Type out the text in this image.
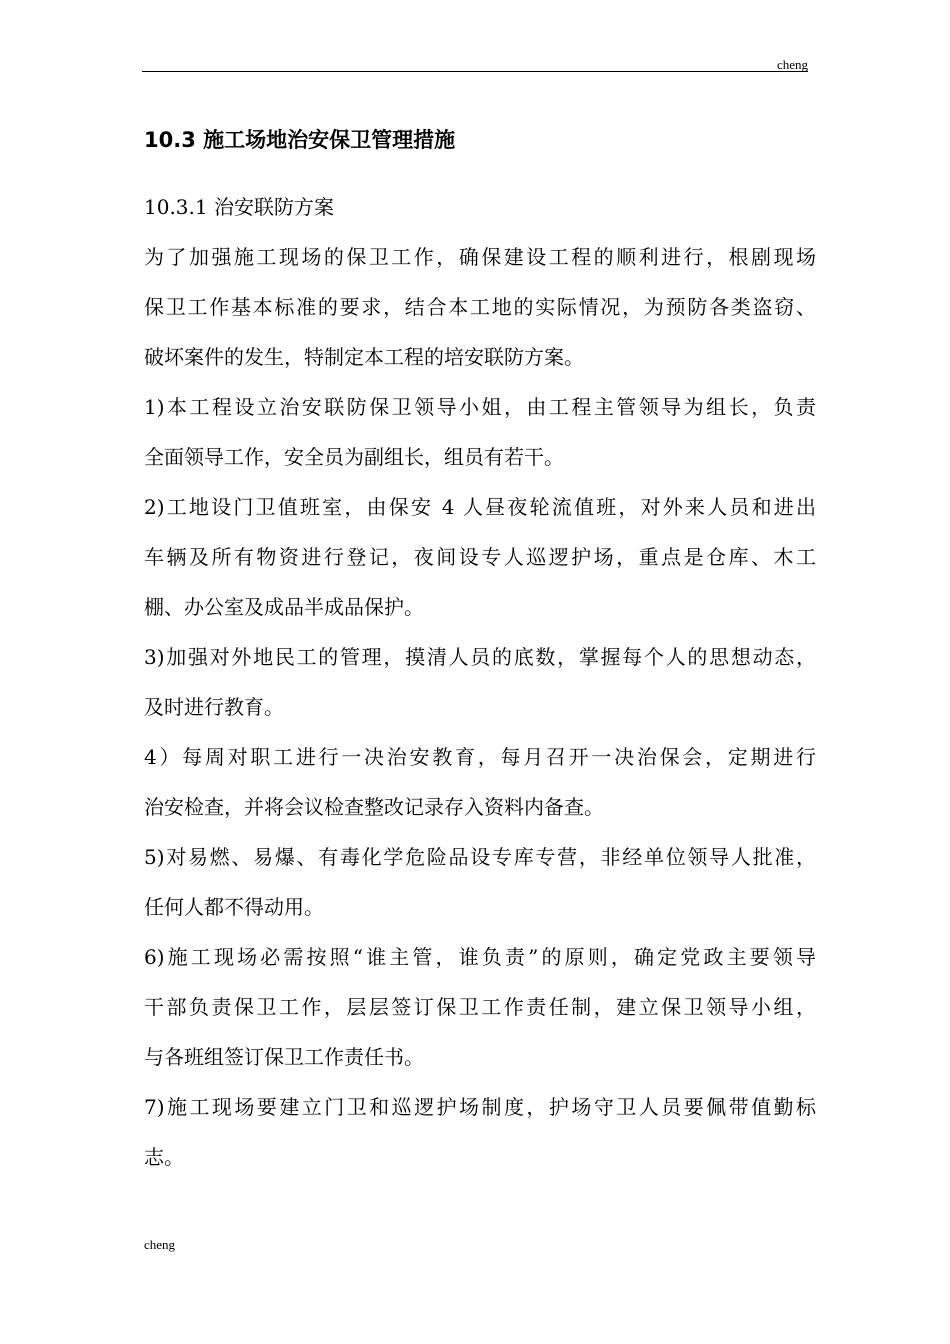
cheng
10.3 施工场地治安保卫管理措施
10.3.1 治安联防方案
为了加强施工现场的保卫工作，确保建设工程的顺利进行，根剧现场
保卫工作基本标准的要求，结合本工地的实际情况，为预防各类盗窃、
破坏案件的发生，特制定本工程的培安联防方案。
1)本工程设立治安联防保卫领导小姐，由工程主管领导为组长，负责
全面领导工作，安全员为副组长，组员有若干。
2)工地设门卫值班室，由保安 4 人昼夜轮流值班，对外来人员和进出
车辆及所有物资进行登记，夜间设专人巡逻护场，重点是仓库、木工
棚、办公室及成品半成品保护。
3)加强对外地民工的管理，摸清人员的底数，掌握每个人的思想动态，
及时进行教育。
4）每周对职工进行一决治安教育，每月召开一决治保会，定期进行
治安检查，并将会议检查整改记录存入资料内备查。
5)对易燃、易爆、有毒化学危险品设专库专营，非经单位领导人批准，
任何人都不得动用。
6)施工现场必需按照“谁主管，谁负责”的原则，确定党政主要领导
干部负责保卫工作，层层签订保卫工作责任制，建立保卫领导小组，
与各班组签订保卫工作责任书。
7)施工现场要建立门卫和巡逻护场制度，护场守卫人员要佩带值勤标
志。
cheng
